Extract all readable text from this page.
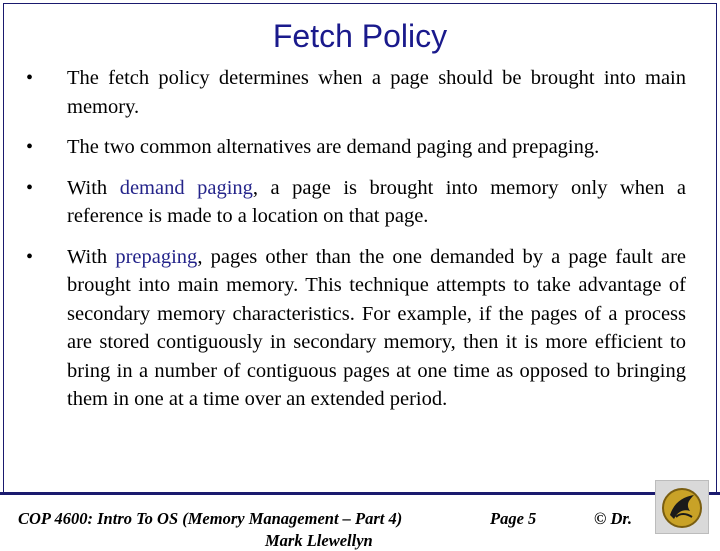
Fetch Policy
•	The fetch policy determines when a page should be brought into main memory.
•	The two common alternatives are demand paging and prepaging.
•	With demand paging, a page is brought into memory only when a reference is made to a location on that page.
•	With prepaging, pages other than the one demanded by a page fault are brought into main memory. This technique attempts to take advantage of secondary memory characteristics. For example, if the pages of a process are stored contiguously in secondary memory, then it is more efficient to bring in a number of contiguous pages at one time as opposed to bringing them in one at a time over an extended period.
COP 4600: Intro To OS (Memory Management – Part 4)	Page 5	© Dr.
Mark Llewellyn
